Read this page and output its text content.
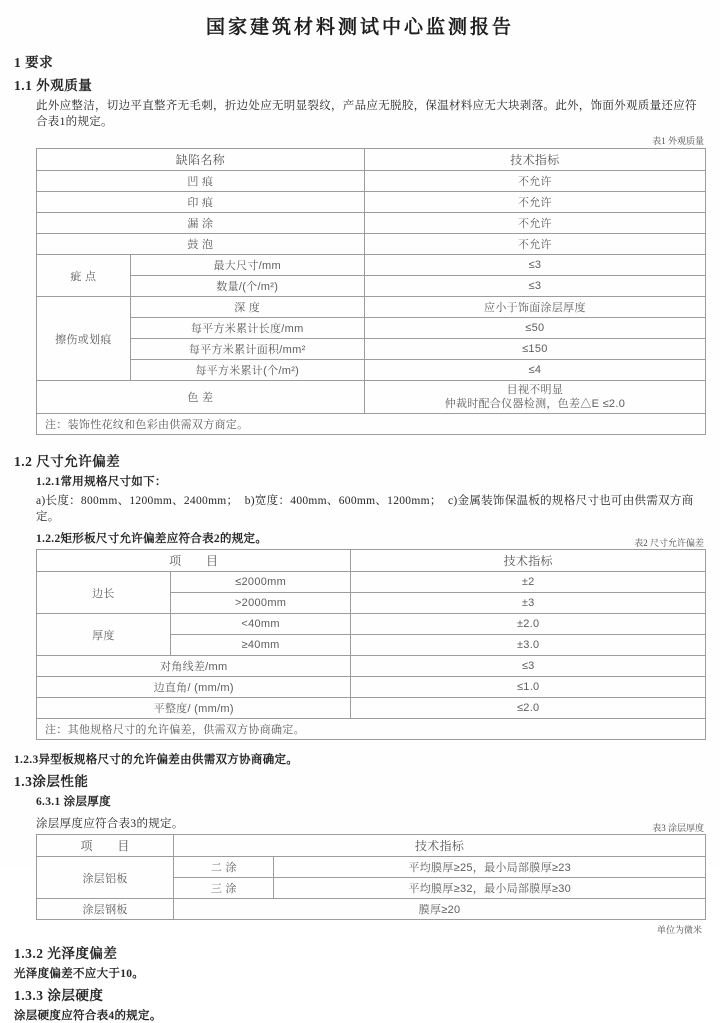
国家建筑材料测试中心监测报告
1 要求
1.1 外观质量
此外应整洁，切边平直整齐无毛刺，折边处应无明显裂纹，产品应无脱胶，保温材料应无大块剥落。此外，饰面外观质量还应符合表1的规定。
表1 外观质量
缺陷名称		技术指标
凹 痕		不允许
印 痕		不允许
漏 涂		不允许
鼓 泡		不允许
疵 点	最大尺寸/mm	≤3
	数量/(个/m²)	≤3
擦伤或划痕	深 度	应小于饰面涂层厚度
	每平方米累计长度/mm	≤50
	每平方米累计面积/mm²	≤150
	每平方米累计(个/m²)	≤4
色 差		目视不明显
仲裁时配合仪器检测，色差△E ≤2.0

注：装饰性花纹和色彩由供需双方商定。		
1.2 尺寸允许偏差
1.2.1常用规格尺寸如下：
a)长度：800mm、1200mm、2400mm；  b)宽度：400mm、600mm、1200mm；  c)金属装饰保温板的规格尺寸也可由供需双方商定。
1.2.2矩形板尺寸允许偏差应符合表2的规定。	表2 尺寸允许偏差
项　　目		技术指标
边长	≤2000mm	±2
	>2000mm	±3
厚度	<40mm	±2.0
	≥40mm	±3.0
对角线差/mm		≤3
边直角/ (mm/m)		≤1.0
平整度/ (mm/m)		≤2.0
注：其他规格尺寸的允许偏差，供需双方协商确定。		
1.2.3异型板规格尺寸的允许偏差由供需双方协商确定。
1.3涂层性能
6.3.1 涂层厚度
涂层厚度应符合表3的规定。	表3 涂层厚度
项　　目	技术指标	
涂层铝板	二 涂	平均膜厚≥25，最小局部膜厚≥23
	三 涂	平均膜厚≥32，最小局部膜厚≥30
涂层钢板	膜厚≥20	
单位为微米
1.3.2 光泽度偏差
光泽度偏差不应大于10。
1.3.3 涂层硬度
涂层硬度应符合表4的规定。
